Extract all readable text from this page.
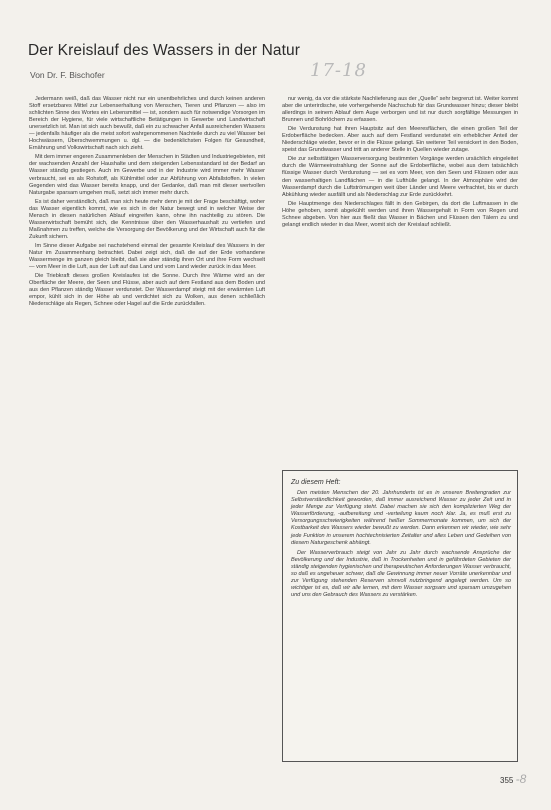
Der Kreislauf des Wassers in der Natur
Von Dr. F. Bischofer	17-18

Jedermann weiß, daß das Wasser nicht nur ein unentbehrliches und durch keinen anderen Stoff ersetzbares Mittel zur Lebenserhaltung von Menschen, Tieren und Pflanzen — also im schlichten Sinne des Wortes ein Lebensmittel — ist, sondern auch für notwendige Vorsorgen im Bereich der Hygiene, für viele wirtschaftliche Betätigungen in Gewerbe und Landwirtschaft unersetzlich ist. Man ist sich auch bewußt, daß ein zu schwacher Anfall ausreichenden Wassers — jedenfalls häufiger als die meist sofort wahrgenommenen Nachteile durch zu viel Wasser bei Hochwässern, Überschwemmungen u. dgl. — die bedenklichsten Folgen für Gesundheit, Ernährung und Volkswirtschaft nach sich zieht.

Mit dem immer engeren Zusammenleben der Menschen in Städten und Industriegebieten, mit der wachsenden Anzahl der Haushalte und dem steigenden Lebensstandard ist der Bedarf an Wasser ständig gestiegen. Auch im Gewerbe und in der Industrie wird immer mehr Wasser verbraucht, sei es als Rohstoff, als Kühlmittel oder zur Abführung von Abfallstoffen. In vielen Gegenden wird das Wasser bereits knapp, und der Gedanke, daß man mit dieser wertvollen Naturgabe sparsam umgehen muß, setzt sich immer mehr durch.

Es ist daher verständlich, daß man sich heute mehr denn je mit der Frage beschäftigt, woher das Wasser eigentlich kommt, wie es sich in der Natur bewegt und in welcher Weise der Mensch in diesen natürlichen Ablauf eingreifen kann, ohne ihn nachteilig zu stören. Die Wasserwirtschaft bemüht sich, die Kenntnisse über den Wasserhaushalt zu vertiefen und Maßnahmen zu treffen, welche die Versorgung der Bevölkerung und der Wirtschaft auch für die Zukunft sichern.

Im Sinne dieser Aufgabe sei nachstehend einmal der gesamte Kreislauf des Wassers in der Natur im Zusammenhang betrachtet. Dabei zeigt sich, daß die auf der Erde vorhandene Wassermenge im ganzen gleich bleibt, daß sie aber ständig ihren Ort und ihre Form wechselt — vom Meer in die Luft, aus der Luft auf das Land und vom Land wieder zurück in das Meer.

Die Triebkraft dieses großen Kreislaufes ist die Sonne. Durch ihre Wärme wird an der Oberfläche der Meere, der Seen und Flüsse, aber auch auf dem Festland aus dem Boden und aus den Pflanzen ständig Wasser verdunstet. Der Wasserdampf steigt mit der erwärmten Luft empor, kühlt sich in der Höhe ab und verdichtet sich zu Wolken, aus denen schließlich Niederschläge als Regen, Schnee oder Hagel auf die Erde zurückfallen.

nur wenig, da vor die stärkste Nachlieferung aus der „Quelle“ sehr begrenzt ist. Weiter kommt aber die unterirdische, wie vorhergehende Nachschub für das Grundwasser hinzu; dieser bleibt allerdings in seinem Ablauf dem Auge verborgen und ist nur durch sorgfältige Messungen in Brunnen und Bohrlöchern zu erfassen.

Die Verdunstung hat ihren Hauptsitz auf den Meeresflächen, die einen großen Teil der Erdoberfläche bedecken. Aber auch auf dem Festland verdunstet ein erheblicher Anteil der Niederschläge wieder, bevor er in die Flüsse gelangt. Ein weiterer Teil versickert in den Boden, speist das Grundwasser und tritt an anderer Stelle in Quellen wieder zutage.

Die zur selbsttätigen Wasserversorgung bestimmten Vorgänge werden ursächlich eingeleitet durch die Wärmeeinstrahlung der Sonne auf die Erdoberfläche, wobei aus dem tatsächlich flüssige Wasser durch Verdunstung — sei es vom Meer, von den Seen und Flüssen oder aus den wasserhaltigen Landflächen — in die Lufthülle gelangt. In der Atmosphäre wird der Wasserdampf durch die Luftströmungen weit über Länder und Meere verfrachtet, bis er durch Abkühlung wieder ausfällt und als Niederschlag zur Erde zurückkehrt.

Die Hauptmenge des Niederschlages fällt in den Gebirgen, da dort die Luftmassen in die Höhe gehoben, somit abgekühlt werden und ihren Wassergehalt in Form von Regen und Schnee abgeben. Von hier aus fließt das Wasser in Bächen und Flüssen den Tälern zu und gelangt endlich wieder in das Meer, womit sich der Kreislauf schließt.

Zu diesem Heft:

Den meisten Menschen der 20. Jahrhunderts ist es in unseren Breitengraden zur Selbstverständlichkeit geworden, daß immer ausreichend Wasser zu jeder Zeit und in jeder Menge zur Verfügung steht. Dabei machen sie sich den komplizierten Weg der Wasserförderung, -aufbereitung und -verteilung kaum noch klar. Ja, es muß erst zu Versorgungsschwierigkeiten während heißer Sommermonate kommen, um sich der Kostbarkeit des Wassers wieder bewußt zu werden. Dann erkennen wir wieder, wie sehr jede Funktion in unserem hochtechnisierten Zeitalter und alles Leben und Gedeihen von diesem Naturgeschenk abhängt.

Der Wasserverbrauch steigt von Jahr zu Jahr durch wachsende Ansprüche der Bevölkerung und der Industrie, daß in Trockenheiten und in gefährdeten Gebieten der ständig steigenden hygienischen und therapeutischen Anforderungen Wasser verbraucht, so daß es ungeheuer schwer, daß die Gewinnung immer neuer Vorräte unerkennbar und zur Verfügung stehenden Reserven sinnvoll nutzbringend angelegt werden. Um so wichtiger ist es, daß wir alle lernen, mit dem Wasser sorgsam und sparsam umzugehen und uns den Gebrauch des Wassers zu verstärken.

355 -8
